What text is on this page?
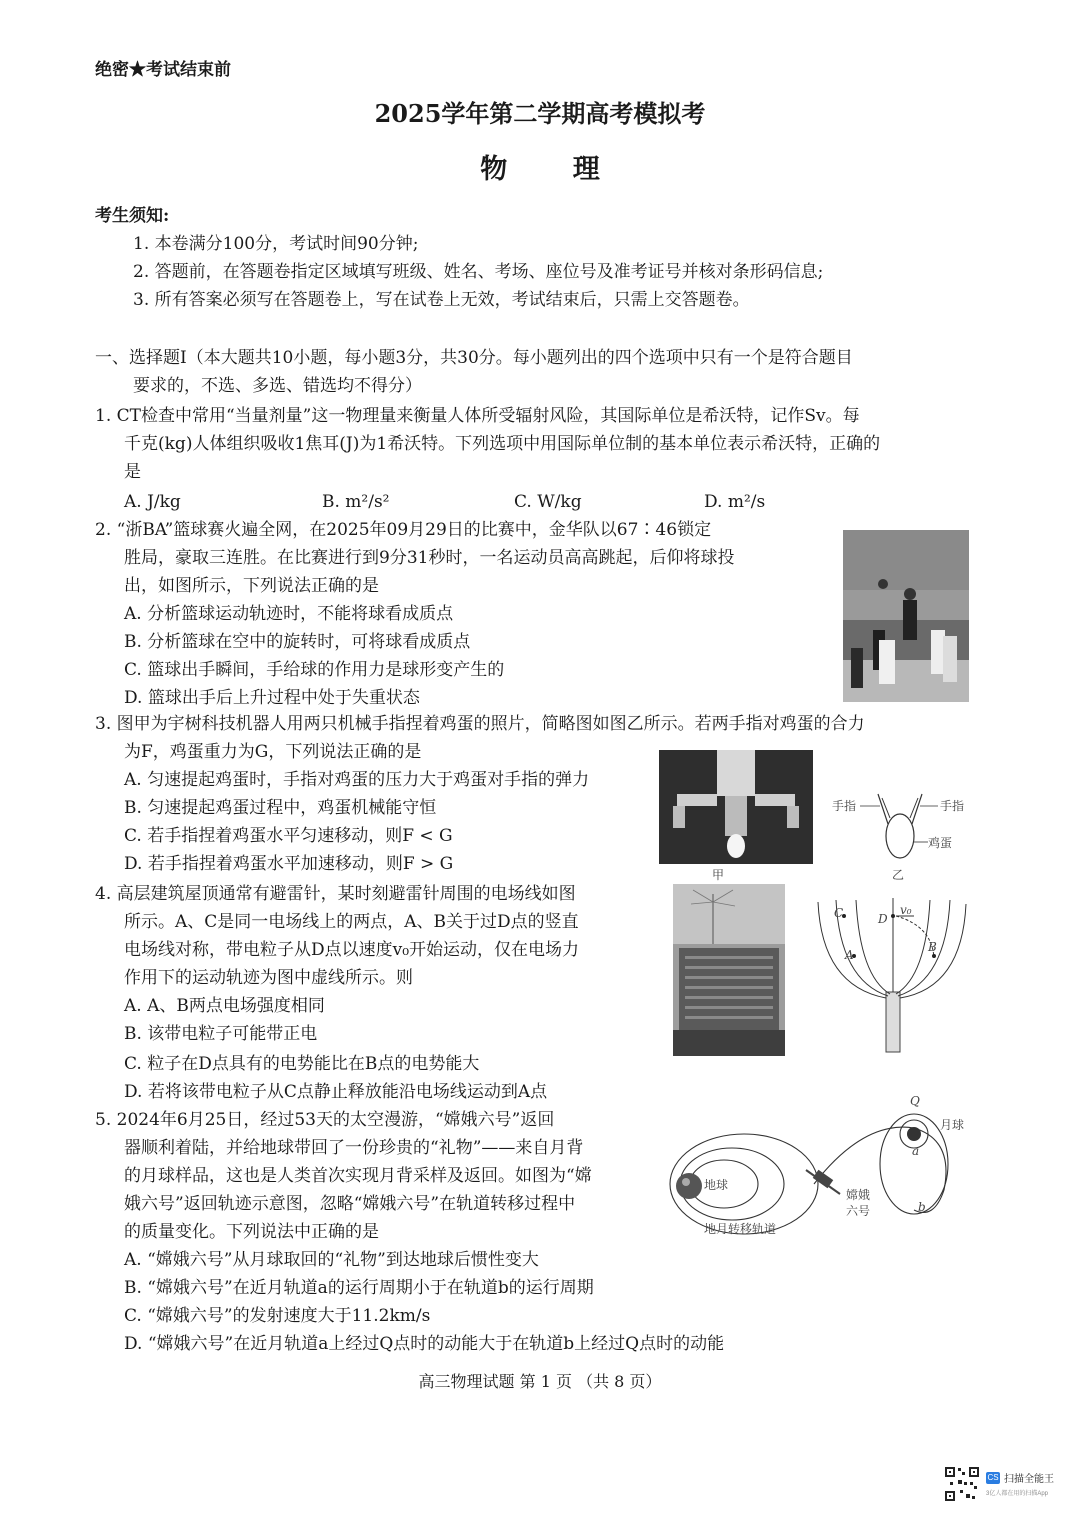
绝密★考试结束前
2025学年第二学期高考模拟考
物 理
考生须知:
1. 本卷满分100分，考试时间90分钟;
2. 答题前，在答题卷指定区域填写班级、姓名、考场、座位号及准考证号并核对条形码信息;
3. 所有答案必须写在答题卷上，写在试卷上无效，考试结束后，只需上交答题卷。
一、选择题I（本大题共10小题，每小题3分，共30分。每小题列出的四个选项中只有一个是符合题目
要求的，不选、多选、错选均不得分）
1. CT检查中常用“当量剂量”这一物理量来衡量人体所受辐射风险，其国际单位是希沃特，记作Sv。每
千克(kg)人体组织吸收1焦耳(J)为1希沃特。下列选项中用国际单位制的基本单位表示希沃特，正确的
是
A. J/kg	B. m²/s²	C. W/kg	D. m²/s
2. “浙BA”篮球赛火遍全网，在2025年09月29日的比赛中，金华队以67∶46锁定
胜局，豪取三连胜。在比赛进行到9分31秒时，一名运动员高高跳起，后仰将球投
出，如图所示，下列说法正确的是
A. 分析篮球运动轨迹时，不能将球看成质点
B. 分析篮球在空中的旋转时，可将球看成质点
C. 篮球出手瞬间，手给球的作用力是球形变产生的
D. 篮球出手后上升过程中处于失重状态
3. 图甲为宇树科技机器人用两只机械手指捏着鸡蛋的照片，简略图如图乙所示。若两手指对鸡蛋的合力
为F，鸡蛋重力为G，下列说法正确的是
A. 匀速提起鸡蛋时，手指对鸡蛋的压力大于鸡蛋对手指的弹力
B. 匀速提起鸡蛋过程中，鸡蛋机械能守恒
C. 若手指捏着鸡蛋水平匀速移动，则F < G
D. 若手指捏着鸡蛋水平加速移动，则F > G
甲
手指	手指
鸡蛋
乙
4. 高层建筑屋顶通常有避雷针，某时刻避雷针周围的电场线如图
所示。A、C是同一电场线上的两点，A、B关于过D点的竖直
电场线对称，带电粒子从D点以速度v₀开始运动，仅在电场力
作用下的运动轨迹为图中虚线所示。则
A. A、B两点电场强度相同
B. 该带电粒子可能带正电
C. 粒子在D点具有的电势能比在B点的电势能大
D. 若将该带电粒子从C点静止释放能沿电场线运动到A点
C	D
v₀
A
B
5. 2024年6月25日，经过53天的太空漫游，“嫦娥六号”返回
器顺利着陆，并给地球带回了一份珍贵的“礼物”——来自月背
的月球样品，这也是人类首次实现月背采样及返回。如图为“嫦
娥六号”返回轨迹示意图，忽略“嫦娥六号”在轨道转移过程中
的质量变化。下列说法中正确的是
A. “嫦娥六号”从月球取回的“礼物”到达地球后惯性变大
B. “嫦娥六号”在近月轨道a的运行周期小于在轨道b的运行周期
C. “嫦娥六号”的发射速度大于11.2km/s
D. “嫦娥六号”在近月轨道a上经过Q点时的动能大于在轨道b上经过Q点时的动能
Q
月球
a
地球
嫦娥
六号	b
地月转移轨道
高三物理试题 第 1 页 （共 8 页）
CS 扫描全能王
3亿人都在用的扫描App
